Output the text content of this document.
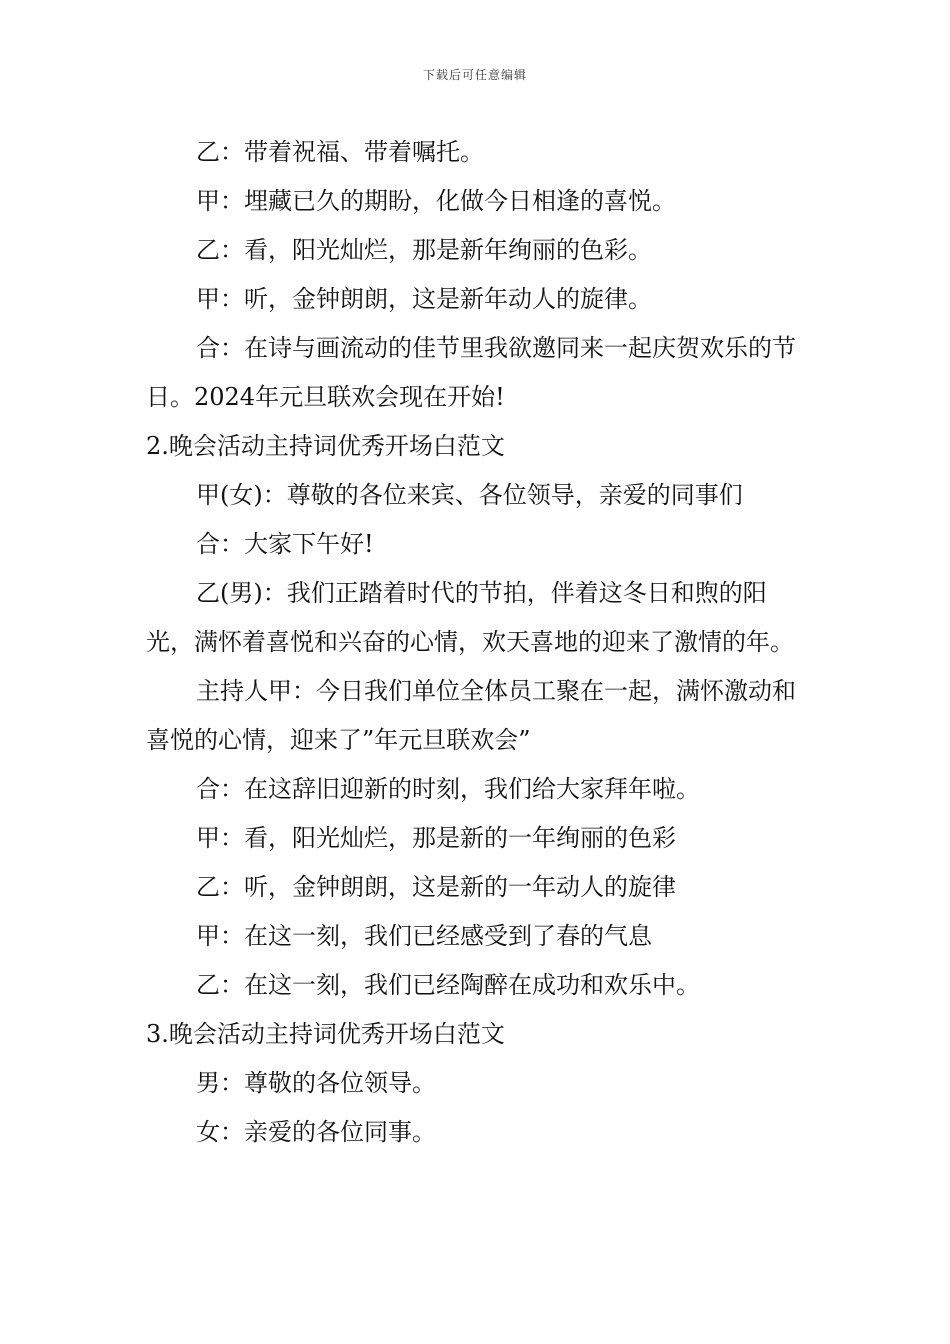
下载后可任意编辑

乙：带着祝福、带着嘱托。

甲：埋藏已久的期盼，化做今日相逢的喜悦。

乙：看，阳光灿烂，那是新年绚丽的色彩。

甲：听，金钟朗朗，这是新年动人的旋律。

合：在诗与画流动的佳节里我欲邀同来一起庆贺欢乐的节日。2024年元旦联欢会现在开始!

2.晚会活动主持词优秀开场白范文

甲(女)：尊敬的各位来宾、各位领导，亲爱的同事们

合：大家下午好!

乙(男)：我们正踏着时代的节拍，伴着这冬日和煦的阳光，满怀着喜悦和兴奋的心情，欢天喜地的迎来了激情的年。

主持人甲：今日我们单位全体员工聚在一起，满怀激动和喜悦的心情，迎来了”年元旦联欢会”

合：在这辞旧迎新的时刻，我们给大家拜年啦。

甲：看，阳光灿烂，那是新的一年绚丽的色彩

乙：听，金钟朗朗，这是新的一年动人的旋律

甲：在这一刻，我们已经感受到了春的气息

乙：在这一刻，我们已经陶醉在成功和欢乐中。

3.晚会活动主持词优秀开场白范文

男：尊敬的各位领导。

女：亲爱的各位同事。
